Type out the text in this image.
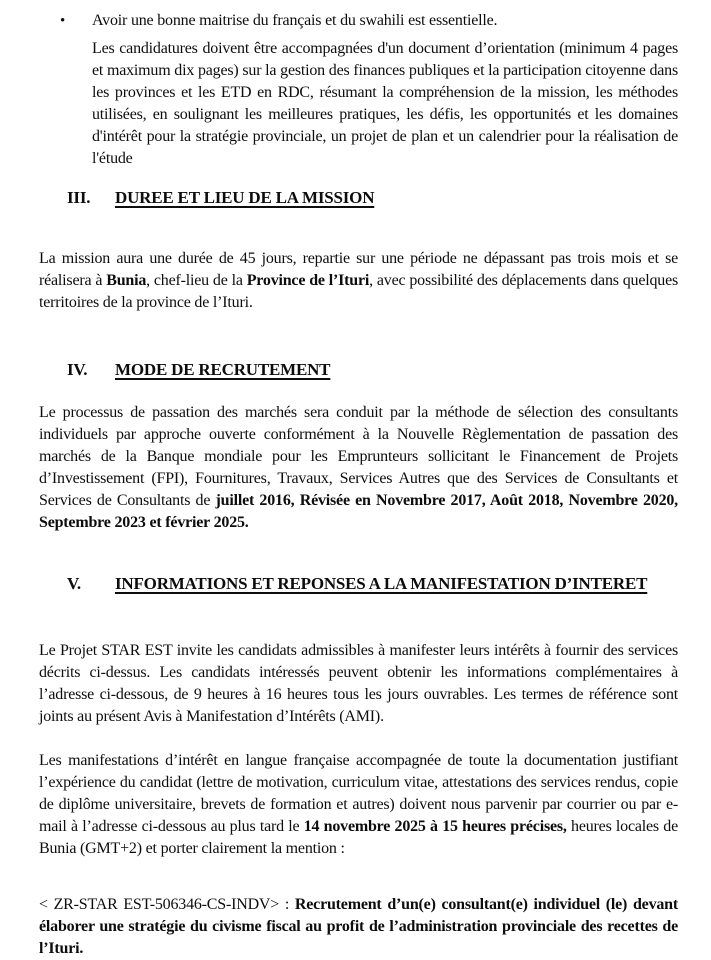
•	Avoir une bonne maitrise du français et du swahili est essentielle.

Les candidatures doivent être accompagnées d'un document d’orientation (minimum 4 pages et maximum dix pages) sur la gestion des finances publiques et la participation citoyenne dans les provinces et les ETD en RDC, résumant la compréhension de la mission, les méthodes utilisées, en soulignant les meilleures pratiques, les défis, les opportunités et les domaines d'intérêt pour la stratégie provinciale, un projet de plan et un calendrier pour la réalisation de l'étude

III. DUREE ET LIEU DE LA MISSION

La mission aura une durée de 45 jours, repartie sur une période ne dépassant pas trois mois et se réalisera à Bunia, chef-lieu de la Province de l’Ituri, avec possibilité des déplacements dans quelques territoires de la province de l’Ituri.

IV. MODE DE RECRUTEMENT

Le processus de passation des marchés sera conduit par la méthode de sélection des consultants individuels par approche ouverte conformément à la Nouvelle Règlementation de passation des marchés de la Banque mondiale pour les Emprunteurs sollicitant le Financement de Projets d’Investissement (FPI), Fournitures, Travaux, Services Autres que des Services de Consultants et Services de Consultants de juillet 2016, Révisée en Novembre 2017, Août 2018, Novembre 2020, Septembre 2023 et février 2025.

V. INFORMATIONS ET REPONSES A LA MANIFESTATION D’INTERET

Le Projet STAR EST invite les candidats admissibles à manifester leurs intérêts à fournir des services décrits ci-dessus. Les candidats intéressés peuvent obtenir les informations complémentaires à l’adresse ci-dessous, de 9 heures à 16 heures tous les jours ouvrables. Les termes de référence sont joints au présent Avis à Manifestation d’Intérêts (AMI).

Les manifestations d’intérêt en langue française accompagnée de toute la documentation justifiant l’expérience du candidat (lettre de motivation, curriculum vitae, attestations des services rendus, copie de diplôme universitaire, brevets de formation et autres) doivent nous parvenir par courrier ou par e-mail à l’adresse ci-dessous au plus tard le 14 novembre 2025 à 15 heures précises, heures locales de Bunia (GMT+2) et porter clairement la mention :

< ZR-STAR EST-506346-CS-INDV> : Recrutement d’un(e) consultant(e) individuel (le) devant élaborer une stratégie du civisme fiscal au profit de l’administration provinciale des recettes de l’Ituri.
